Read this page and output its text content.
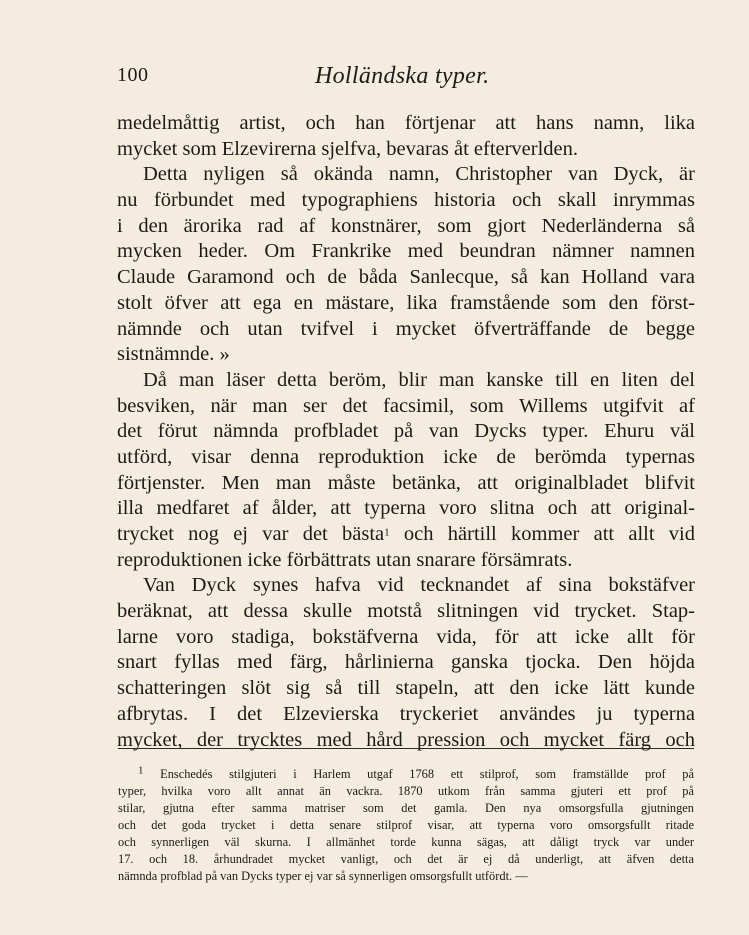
100	Holländska typer.
medelmåttig artist, och han förtjenar att hans namn, lika
mycket som Elzevirerna sjelfva, bevaras åt efterverlden.
Detta nyligen så okända namn, Christopher van Dyck, är
nu förbundet med typographiens historia och skall inrymmas
i den ärorika rad af konstnärer, som gjort Nederländerna så
mycken heder. Om Frankrike med beundran nämner namnen
Claude Garamond och de båda Sanlecque, så kan Holland vara
stolt öfver att ega en mästare, lika framstående som den först-
nämnde och utan tvifvel i mycket öfverträffande de begge
sistnämnde. »
Då man läser detta beröm, blir man kanske till en liten del
besviken, när man ser det facsimil, som Willems utgifvit af
det förut nämnda profbladet på van Dycks typer. Ehuru väl
utförd, visar denna reproduktion icke de berömda typernas
förtjenster. Men man måste betänka, att originalbladet blifvit
illa medfaret af ålder, att typerna voro slitna och att original-
trycket nog ej var det bästa$^1$ och härtill kommer att allt vid
reproduktionen icke förbättrats utan snarare försämrats.
Van Dyck synes hafva vid tecknandet af sina bokstäfver
beräknat, att dessa skulle motstå slitningen vid trycket. Stap-
larne voro stadiga, bokstäfverna vida, för att icke allt för
snart fyllas med färg, hårlinierna ganska tjocka. Den höjda
schatteringen slöt sig så till stapeln, att den icke lätt kunde
afbrytas. I det Elzevierska tryckeriet användes ju typerna
mycket, der trycktes med hård pression och mycket färg och
$^1$ Enschedés stilgjuteri i Harlem utgaf 1768 ett stilprof, som framställde prof på
typer, hvilka voro allt annat än vackra. 1870 utkom från samma gjuteri ett prof på
stilar, gjutna efter samma matriser som det gamla. Den nya omsorgsfulla gjutningen
och det goda trycket i detta senare stilprof visar, att typerna voro omsorgsfullt ritade
och synnerligen väl skurna. I allmänhet torde kunna sägas, att dåligt tryck var under
17. och 18. århundradet mycket vanligt, och det är ej då underligt, att äfven detta
nämnda profblad på van Dycks typer ej var så synnerligen omsorgsfullt utfördt. —
